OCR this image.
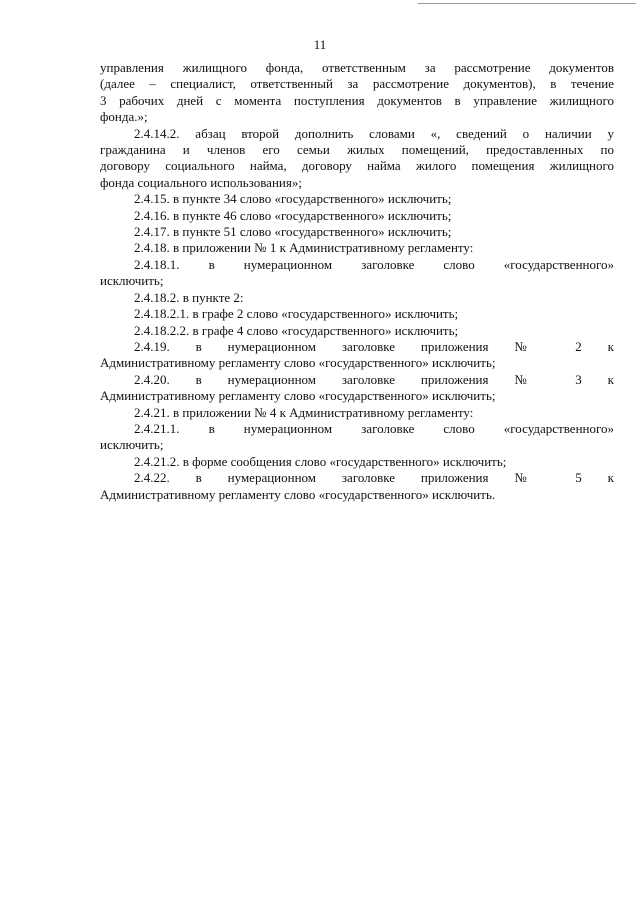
11

управления жилищного фонда, ответственным за рассмотрение документов
(далее – специалист, ответственный за рассмотрение документов), в течение
3 рабочих дней с момента поступления документов в управление жилищного
фонда.»;

2.4.14.2. абзац второй дополнить словами «, сведений о наличии у
гражданина и членов его семьи жилых помещений, предоставленных по
договору социального найма, договору найма жилого помещения жилищного
фонда социального использования»;

2.4.15. в пункте 34 слово «государственного» исключить;

2.4.16. в пункте 46 слово «государственного» исключить;

2.4.17. в пункте 51 слово «государственного» исключить;

2.4.18. в приложении № 1 к Административному регламенту:

2.4.18.1. в нумерационном заголовке слово «государственного»
исключить;

2.4.18.2. в пункте 2:

2.4.18.2.1. в графе 2 слово «государственного» исключить;

2.4.18.2.2. в графе 4 слово «государственного» исключить;

2.4.19. в нумерационном заголовке приложения № 2 к
Административному регламенту слово «государственного» исключить;

2.4.20. в нумерационном заголовке приложения № 3 к
Административному регламенту слово «государственного» исключить;

2.4.21. в приложении № 4 к Административному регламенту:

2.4.21.1. в нумерационном заголовке слово «государственного»
исключить;

2.4.21.2. в форме сообщения слово «государственного» исключить;

2.4.22. в нумерационном заголовке приложения № 5 к
Административному регламенту слово «государственного» исключить.
